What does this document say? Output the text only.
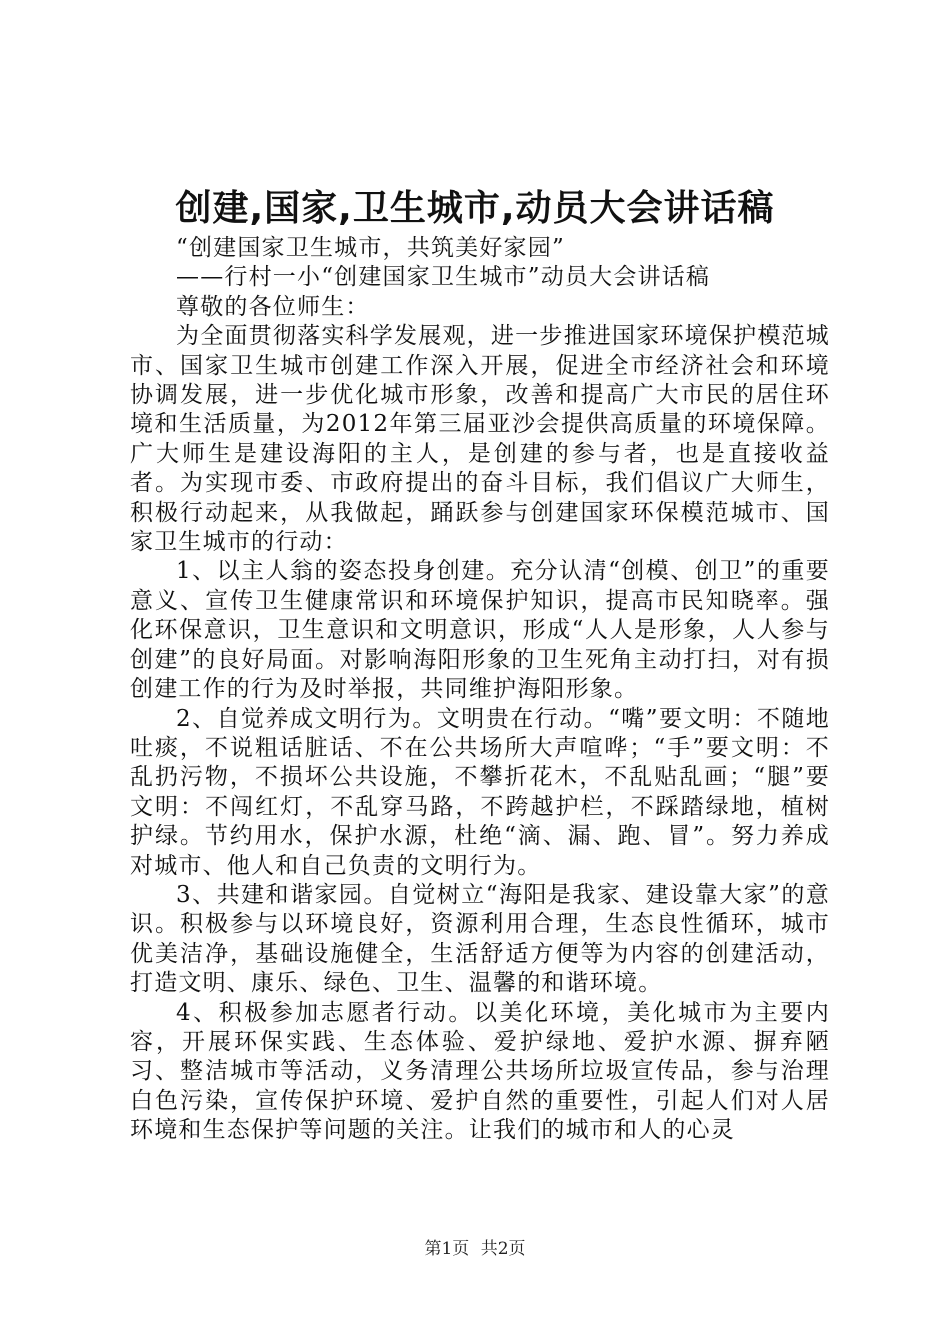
创建,国家,卫生城市,动员大会讲话稿

“创建国家卫生城市，共筑美好家园”

——行村一小“创建国家卫生城市”动员大会讲话稿

尊敬的各位师生：

为全面贯彻落实科学发展观，进一步推进国家环境保护模范城市、国家卫生城市创建工作深入开展，促进全市经济社会和环境协调发展，进一步优化城市形象，改善和提高广大市民的居住环境和生活质量，为2012年第三届亚沙会提供高质量的环境保障。广大师生是建设海阳的主人，是创建的参与者，也是直接收益者。为实现市委、市政府提出的奋斗目标，我们倡议广大师生，积极行动起来，从我做起，踊跃参与创建国家环保模范城市、国家卫生城市的行动：

1、以主人翁的姿态投身创建。充分认清“创模、创卫”的重要意义、宣传卫生健康常识和环境保护知识，提高市民知晓率。强化环保意识，卫生意识和文明意识，形成“人人是形象，人人参与创建”的良好局面。对影响海阳形象的卫生死角主动打扫，对有损创建工作的行为及时举报，共同维护海阳形象。

2、自觉养成文明行为。文明贵在行动。“嘴”要文明：不随地吐痰，不说粗话脏话、不在公共场所大声喧哗；“手”要文明：不乱扔污物，不损坏公共设施，不攀折花木，不乱贴乱画；“腿”要文明：不闯红灯，不乱穿马路，不跨越护栏，不踩踏绿地，植树护绿。节约用水，保护水源，杜绝“滴、漏、跑、冒”。努力养成对城市、他人和自己负责的文明行为。

3、共建和谐家园。自觉树立“海阳是我家、建设靠大家”的意识。积极参与以环境良好，资源利用合理，生态良性循环，城市优美洁净，基础设施健全，生活舒适方便等为内容的创建活动，打造文明、康乐、绿色、卫生、温馨的和谐环境。

4、积极参加志愿者行动。以美化环境，美化城市为主要内容，开展环保实践、生态体验、爱护绿地、爱护水源、摒弃陋习、整洁城市等活动，义务清理公共场所垃圾宣传品，参与治理白色污染，宣传保护环境、爱护自然的重要性，引起人们对人居环境和生态保护等问题的关注。让我们的城市和人的心灵

第1页 共2页
